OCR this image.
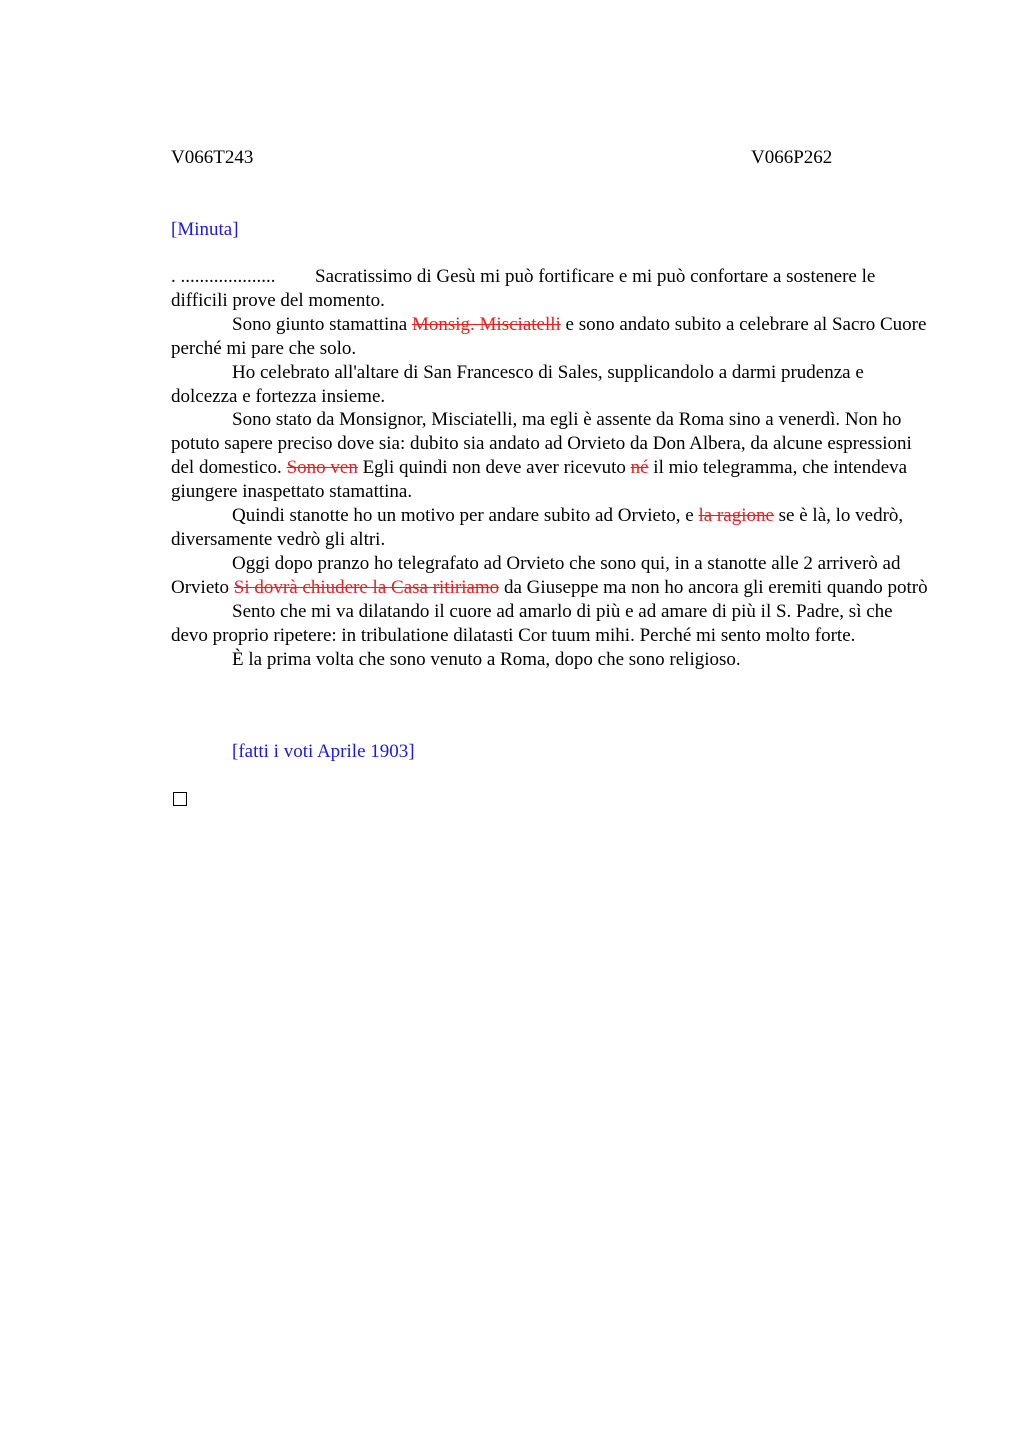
V066T243	V066P262
[Minuta]

. .................... Sacratissimo di Gesù mi può fortificare e mi può confortare a sostenere le difficili prove del momento.

Sono giunto stamattina Monsig. Misciatelli e sono andato subito a celebrare al Sacro Cuore perché mi pare che solo.

Ho celebrato all'altare di San Francesco di Sales, supplicandolo a darmi prudenza e dolcezza e fortezza insieme.

Sono stato da Monsignor, Misciatelli, ma egli è assente da Roma sino a venerdì. Non ho potuto sapere preciso dove sia: dubito sia andato ad Orvieto da Don Albera, da alcune espressioni del domestico. Sono ven Egli quindi non deve aver ricevuto né il mio telegramma, che intendeva giungere inaspettato stamattina.

Quindi stanotte ho un motivo per andare subito ad Orvieto, e la ragione se è là, lo vedrò, diversamente vedrò gli altri.

Oggi dopo pranzo ho telegrafato ad Orvieto che sono qui, in a stanotte alle 2 arriverò ad Orvieto Si dovrà chiudere la Casa ritiriamo da Giuseppe ma non ho ancora gli eremiti quando potrò

Sento che mi va dilatando il cuore ad amarlo di più e ad amare di più il S. Padre, sì che devo proprio ripetere: in tribulatione dilatasti Cor tuum mihi. Perché mi sento molto forte.

È la prima volta che sono venuto a Roma, dopo che sono religioso.

[fatti i voti Aprile 1903]
